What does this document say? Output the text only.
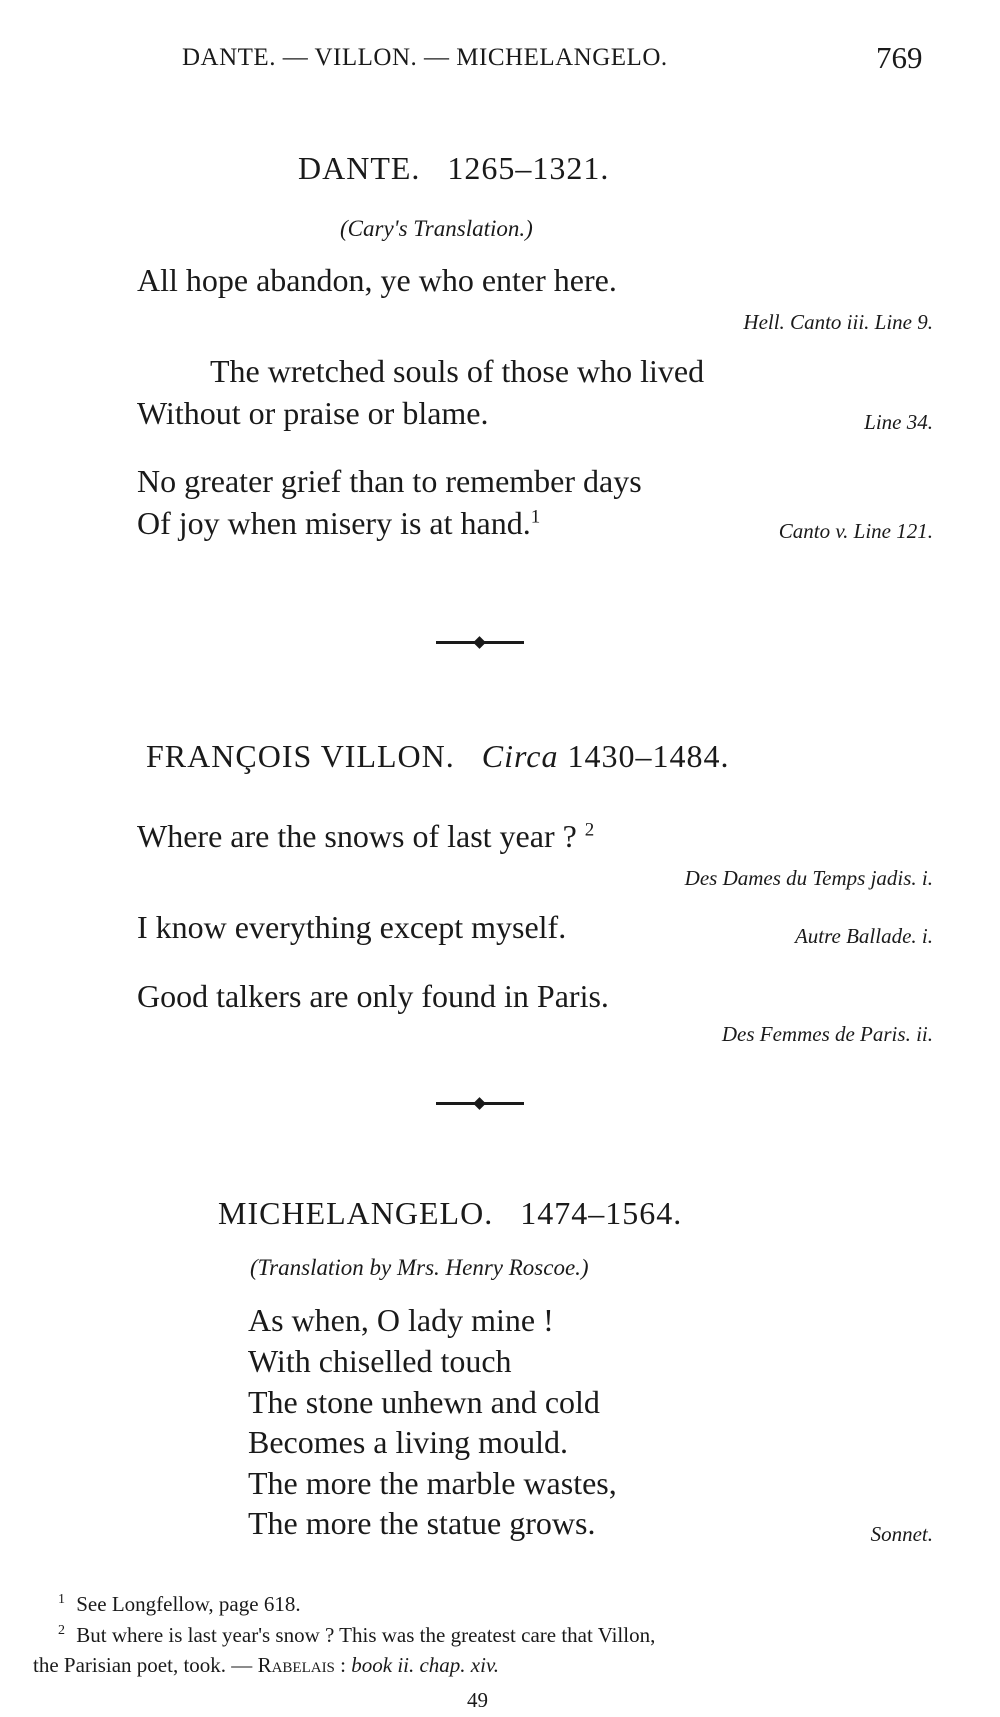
DANTE. — VILLON. — MICHELANGELO.	769
DANTE. 1265–1321.
(Cary's Translation.)
All hope abandon, ye who enter here.
Hell. Canto iii. Line 9.
The wretched souls of those who lived
Without or praise or blame.	Line 34.
No greater grief than to remember days
Of joy when misery is at hand.$^1$
Canto v. Line 121.
FRANÇOIS VILLON. Circa 1430–1484.
Where are the snows of last year ? $^2$
Des Dames du Temps jadis. i.
I know everything except myself.	Autre Ballade. i.
Good talkers are only found in Paris.
Des Femmes de Paris. ii.
MICHELANGELO. 1474–1564.
(Translation by Mrs. Henry Roscoe.)
As when, O lady mine !
With chiselled touch
The stone unhewn and cold
Becomes a living mould.
The more the marble wastes,
The more the statue grows.	Sonnet.
$^1$ See Longfellow, page 618.
$^2$ But where is last year's snow ? This was the greatest care that Villon,
the Parisian poet, took. — Rabelais : book ii. chap. xiv.
49
